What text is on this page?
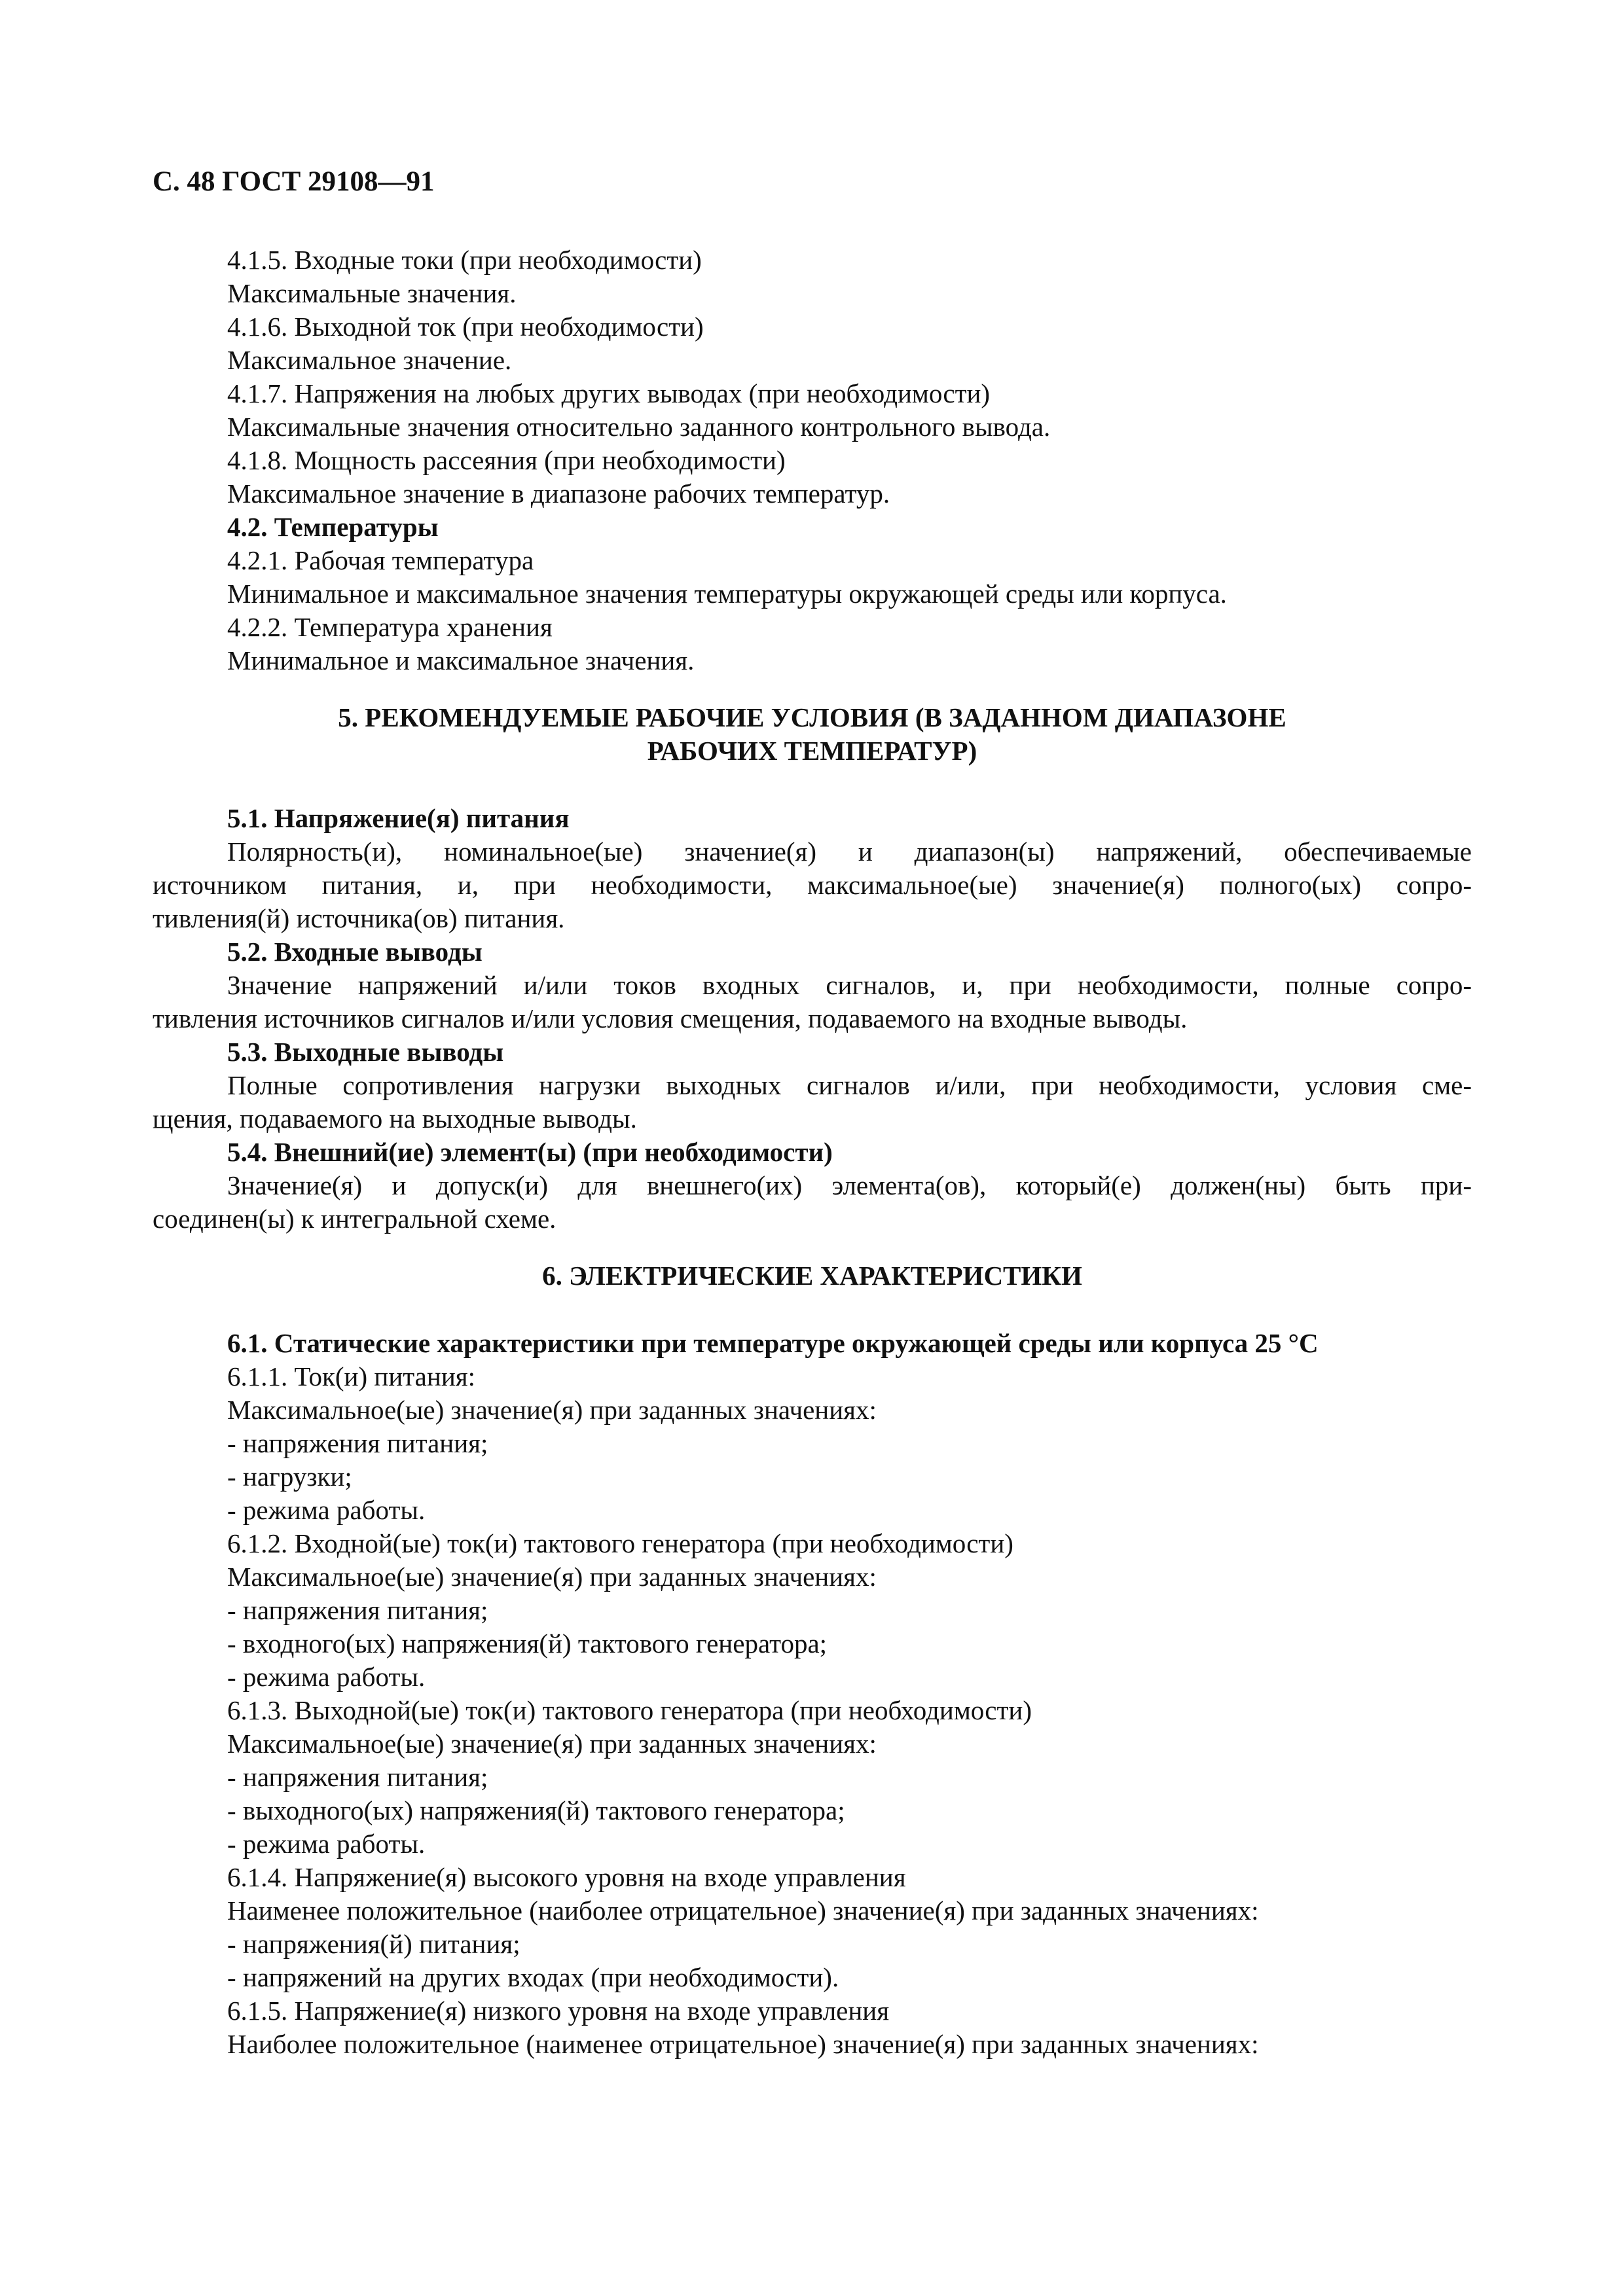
С. 48 ГОСТ 29108—91
4.1.5. Входные токи (при необходимости)
Максимальные значения.
4.1.6. Выходной ток (при необходимости)
Максимальное значение.
4.1.7. Напряжения на любых других выводах (при необходимости)
Максимальные значения относительно заданного контрольного вывода.
4.1.8. Мощность рассеяния (при необходимости)
Максимальное значение в диапазоне рабочих температур.
4.2. Температуры
4.2.1. Рабочая температура
Минимальное и максимальное значения температуры окружающей среды или корпуса.
4.2.2. Температура хранения
Минимальное и максимальное значения.
5. РЕКОМЕНДУЕМЫЕ РАБОЧИЕ УСЛОВИЯ (В ЗАДАННОМ ДИАПАЗОНЕ
РАБОЧИХ ТЕМПЕРАТУР)
5.1. Напряжение(я) питания
Полярность(и), номинальное(ые) значение(я) и диапазон(ы) напряжений, обеспечиваемые
источником питания, и, при необходимости, максимальное(ые) значение(я) полного(ых) сопро-
тивления(й) источника(ов) питания.
5.2. Входные выводы
Значение напряжений и/или токов входных сигналов, и, при необходимости, полные сопро-
тивления источников сигналов и/или условия смещения, подаваемого на входные выводы.
5.3. Выходные выводы
Полные сопротивления нагрузки выходных сигналов и/или, при необходимости, условия сме-
щения, подаваемого на выходные выводы.
5.4. Внешний(ие) элемент(ы) (при необходимости)
Значение(я) и допуск(и) для внешнего(их) элемента(ов), который(е) должен(ны) быть при-
соединен(ы) к интегральной схеме.
6. ЭЛЕКТРИЧЕСКИЕ ХАРАКТЕРИСТИКИ
6.1. Статические характеристики при температуре окружающей среды или корпуса 25 °С
6.1.1. Ток(и) питания:
Максимальное(ые) значение(я) при заданных значениях:
- напряжения питания;
- нагрузки;
- режима работы.
6.1.2. Входной(ые) ток(и) тактового генератора (при необходимости)
Максимальное(ые) значение(я) при заданных значениях:
- напряжения питания;
- входного(ых) напряжения(й) тактового генератора;
- режима работы.
6.1.3. Выходной(ые) ток(и) тактового генератора (при необходимости)
Максимальное(ые) значение(я) при заданных значениях:
- напряжения питания;
- выходного(ых) напряжения(й) тактового генератора;
- режима работы.
6.1.4. Напряжение(я) высокого уровня на входе управления
Наименее положительное (наиболее отрицательное) значение(я) при заданных значениях:
- напряжения(й) питания;
- напряжений на других входах (при необходимости).
6.1.5. Напряжение(я) низкого уровня на входе управления
Наиболее положительное (наименее отрицательное) значение(я) при заданных значениях:
